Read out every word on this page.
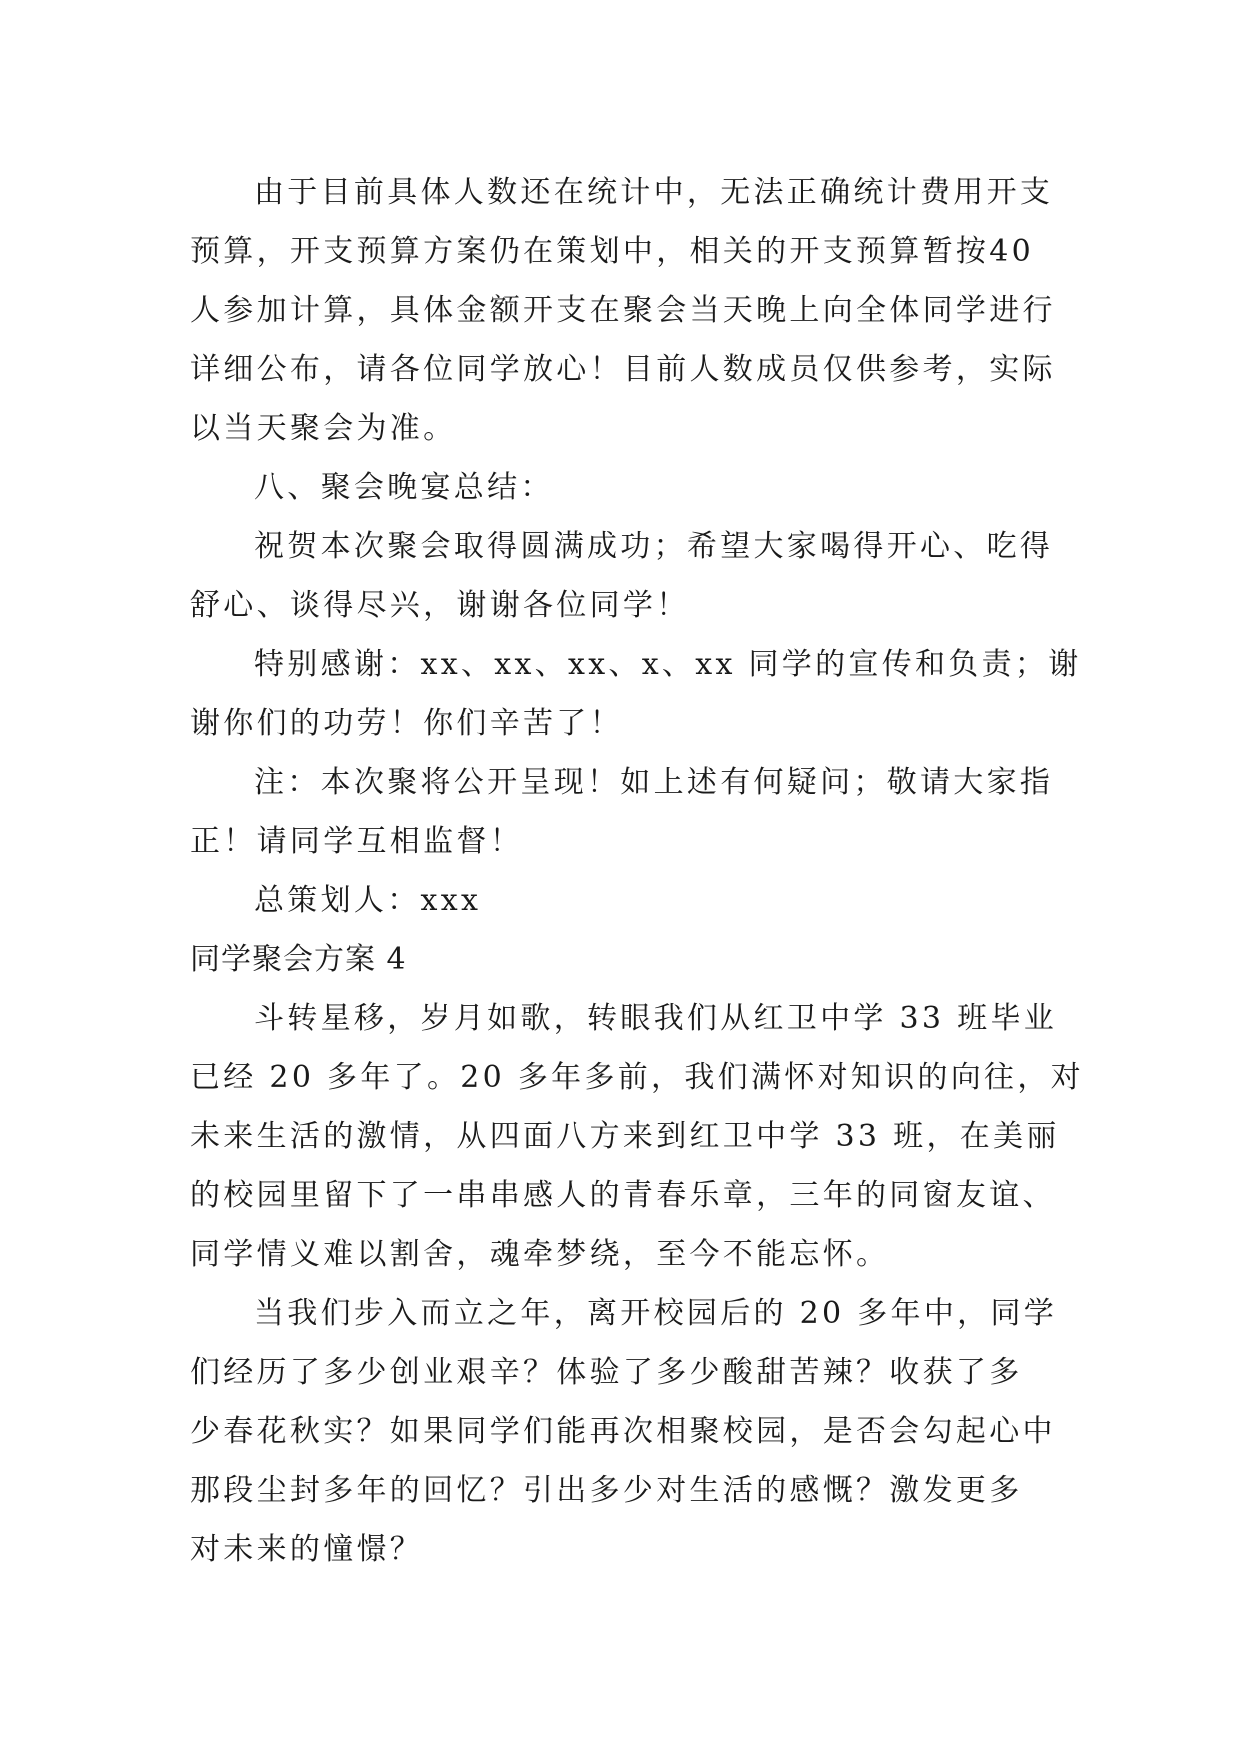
由于目前具体人数还在统计中，无法正确统计费用开支
预算，开支预算方案仍在策划中，相关的开支预算暂按40
人参加计算，具体金额开支在聚会当天晚上向全体同学进行
详细公布，请各位同学放心！目前人数成员仅供参考，实际
以当天聚会为准。
八、聚会晚宴总结：
祝贺本次聚会取得圆满成功；希望大家喝得开心、吃得
舒心、谈得尽兴，谢谢各位同学！
特别感谢：xx、xx、xx、x、xx 同学的宣传和负责；谢
谢你们的功劳！你们辛苦了！
注：本次聚将公开呈现！如上述有何疑问；敬请大家指
正！请同学互相监督！
总策划人：xxx
同学聚会方案 4
斗转星移，岁月如歌，转眼我们从红卫中学 33 班毕业
已经 20 多年了。20 多年多前，我们满怀对知识的向往，对
未来生活的激情，从四面八方来到红卫中学 33 班，在美丽
的校园里留下了一串串感人的青春乐章，三年的同窗友谊、
同学情义难以割舍，魂牵梦绕，至今不能忘怀。
当我们步入而立之年，离开校园后的 20 多年中，同学
们经历了多少创业艰辛？体验了多少酸甜苦辣？收获了多
少春花秋实？如果同学们能再次相聚校园，是否会勾起心中
那段尘封多年的回忆？引出多少对生活的感慨？激发更多
对未来的憧憬？
